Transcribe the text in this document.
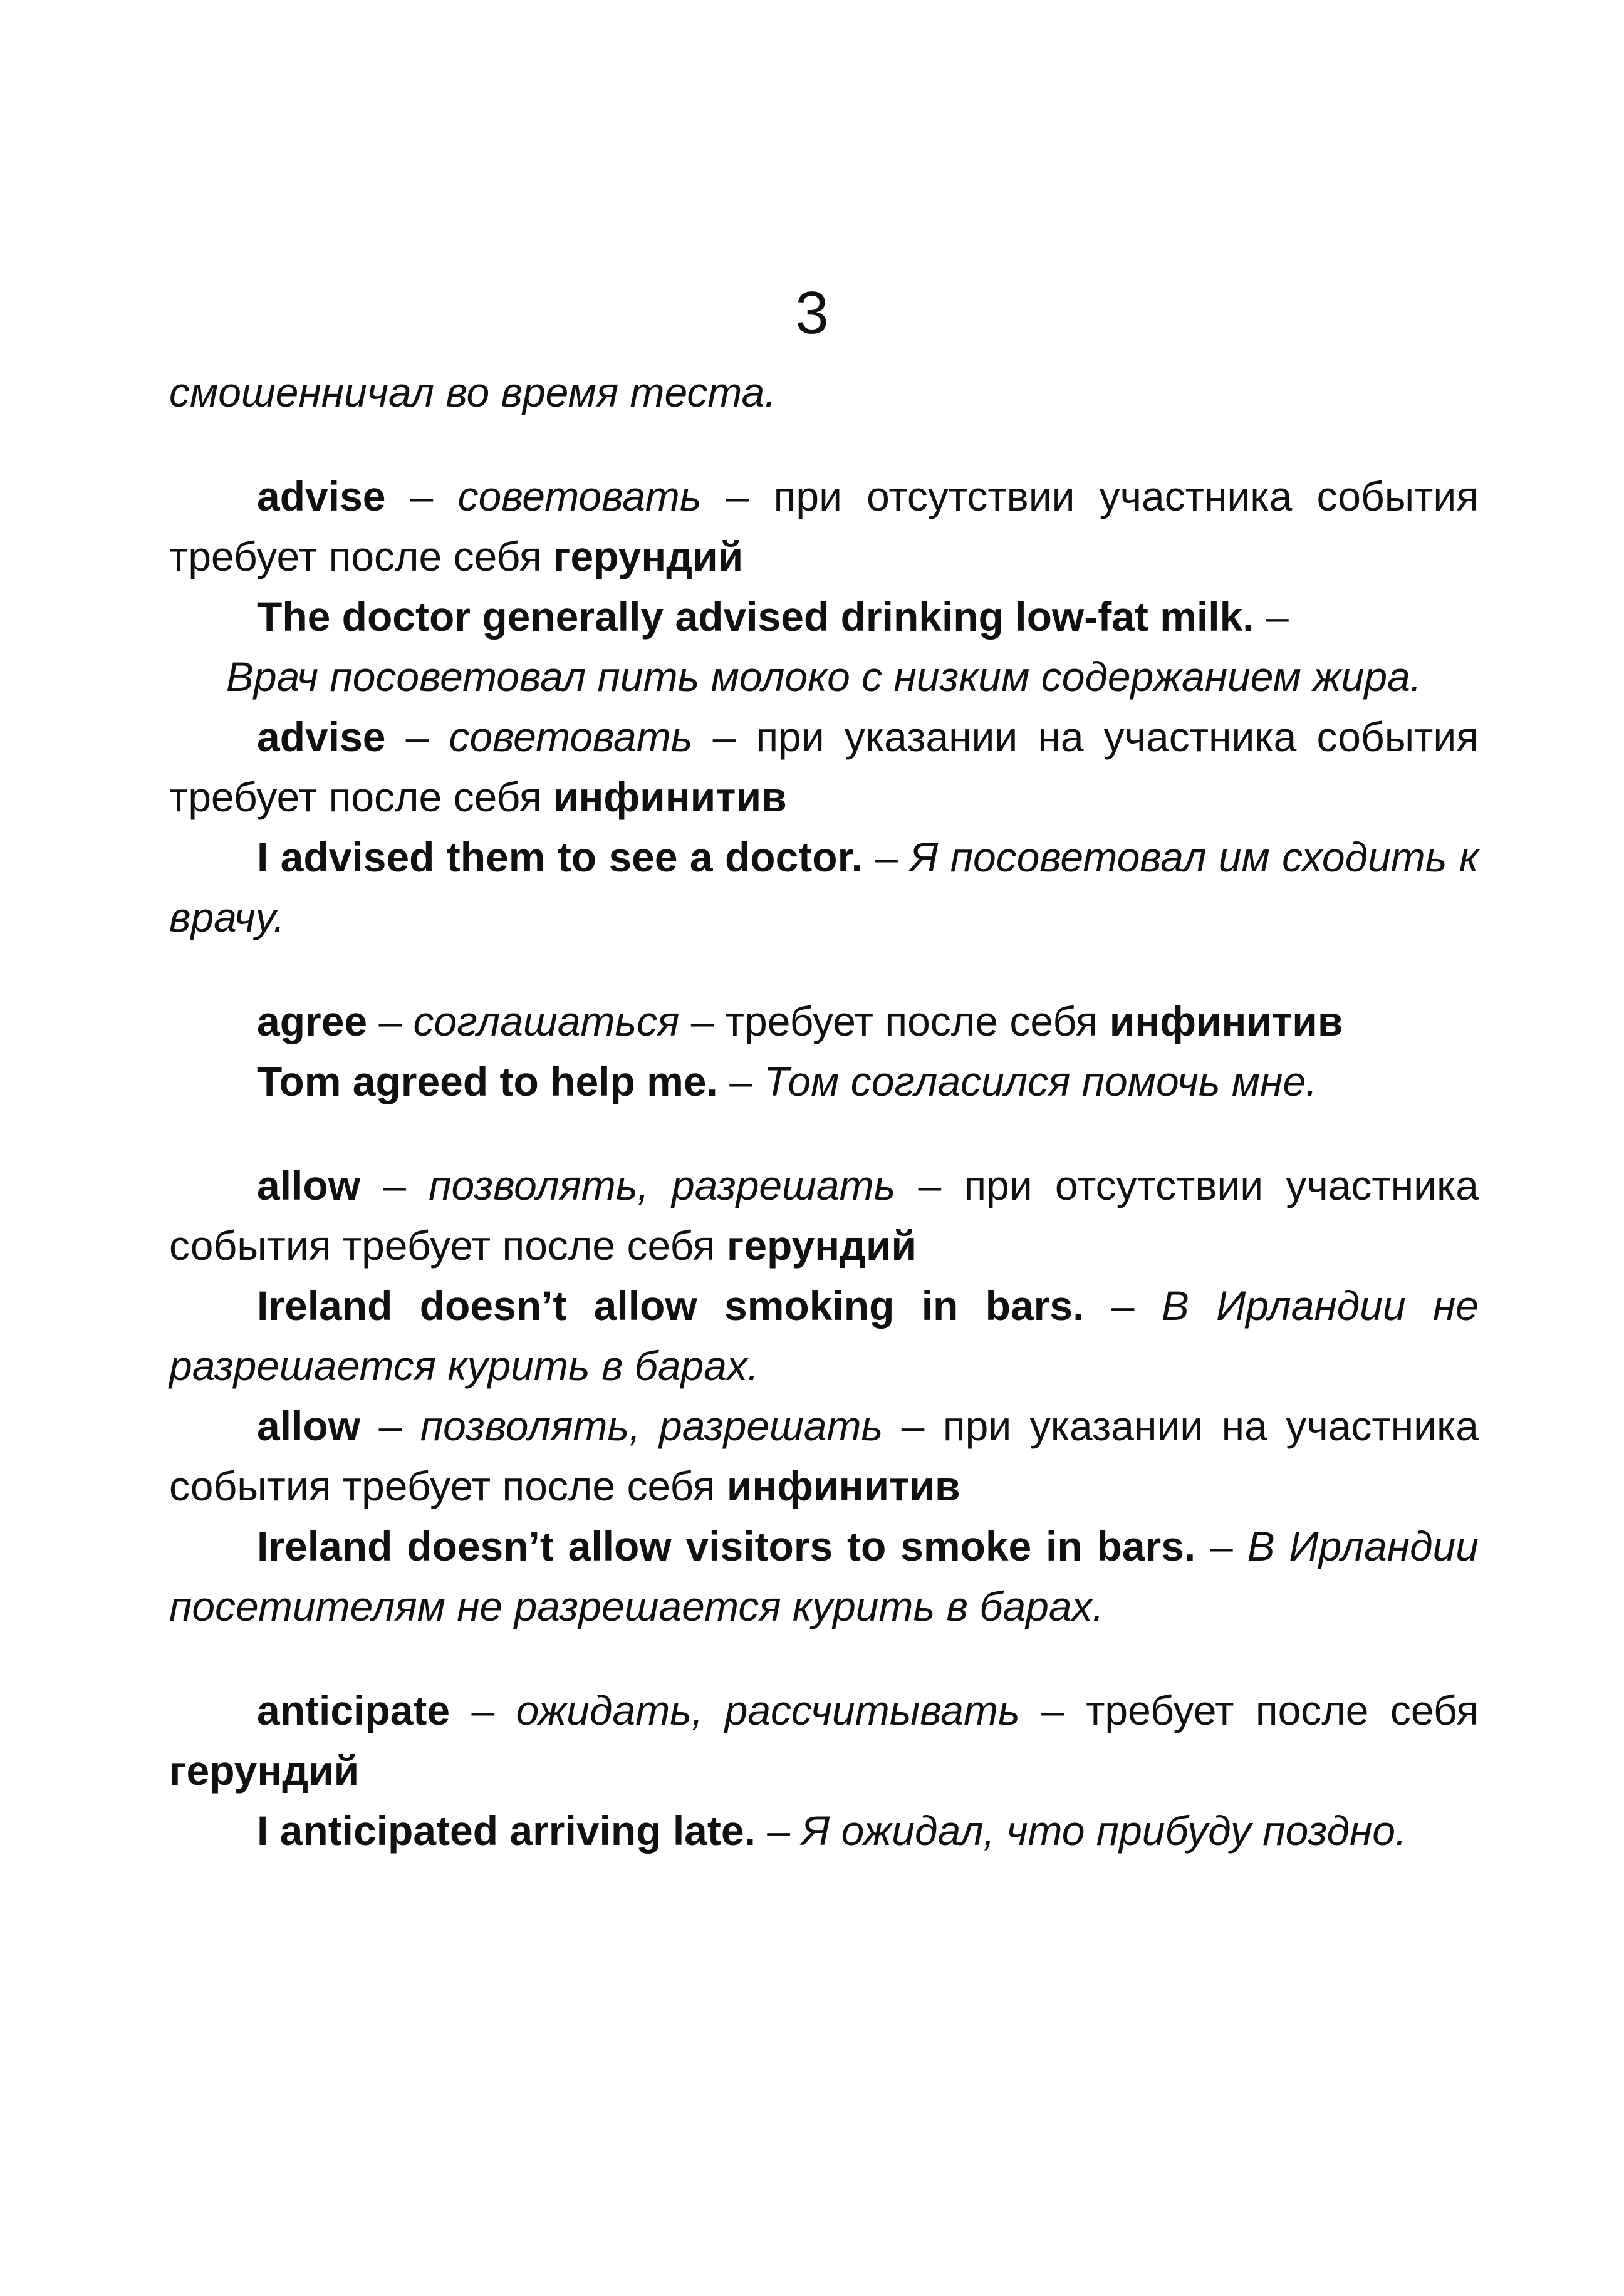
3

смошенничал во время теста.

advise – советовать – при отсутствии участника события требует после себя герундий

The doctor generally advised drinking low-fat milk. –

Врач посоветовал пить молоко с низким содержанием жира.

advise – советовать – при указании на участника события требует после себя инфинитив

I advised them to see a doctor. – Я посоветовал им сходить к врачу.

agree – соглашаться – требует после себя инфинитив

Tom agreed to help me. – Том согласился помочь мне.

allow – позволять, разрешать – при отсутствии участника события требует после себя герундий

Ireland doesn’t allow smoking in bars. – В Ирландии не разрешается курить в барах.

allow – позволять, разрешать – при указании на участника события требует после себя инфинитив

Ireland doesn’t allow visitors to smoke in bars. – В Ирландии посетителям не разрешается курить в барах.

anticipate – ожидать, рассчитывать – требует после себя герундий

I anticipated arriving late. – Я ожидал, что прибуду поздно.
